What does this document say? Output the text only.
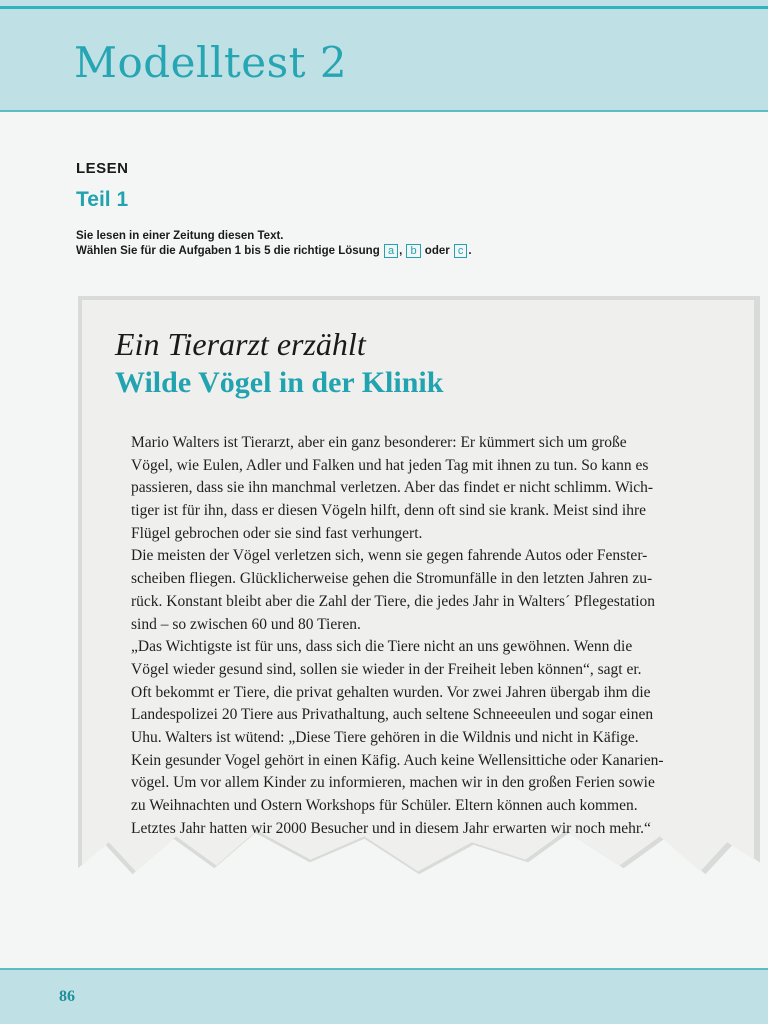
Modelltest 2
LESEN
Teil 1
Sie lesen in einer Zeitung diesen Text.
Wählen Sie für die Aufgaben 1 bis 5 die richtige Lösung a , b oder c .
Ein Tierarzt erzählt
Wilde Vögel in der Klinik
Mario Walters ist Tierarzt, aber ein ganz besonderer: Er kümmert sich um große
Vögel, wie Eulen, Adler und Falken und hat jeden Tag mit ihnen zu tun. So kann es
passieren, dass sie ihn manchmal verletzen. Aber das findet er nicht schlimm. Wich-
tiger ist für ihn, dass er diesen Vögeln hilft, denn oft sind sie krank. Meist sind ihre
Flügel gebrochen oder sie sind fast verhungert.
Die meisten der Vögel verletzen sich, wenn sie gegen fahrende Autos oder Fenster-
scheiben fliegen. Glücklicherweise gehen die Stromunfälle in den letzten Jahren zu-
rück. Konstant bleibt aber die Zahl der Tiere, die jedes Jahr in Walters´ Pflegestation
sind – so zwischen 60 und 80 Tieren.
„Das Wichtigste ist für uns, dass sich die Tiere nicht an uns gewöhnen. Wenn die
Vögel wieder gesund sind, sollen sie wieder in der Freiheit leben können“, sagt er.
Oft bekommt er Tiere, die privat gehalten wurden. Vor zwei Jahren übergab ihm die
Landespolizei 20 Tiere aus Privathaltung, auch seltene Schneeeulen und sogar einen
Uhu. Walters ist wütend: „Diese Tiere gehören in die Wildnis und nicht in Käfige.
Kein gesunder Vogel gehört in einen Käfig. Auch keine Wellensittiche oder Kanarien-
vögel. Um vor allem Kinder zu informieren, machen wir in den großen Ferien sowie
zu Weihnachten und Ostern Workshops für Schüler. Eltern können auch kommen.
Letztes Jahr hatten wir 2000 Besucher und in diesem Jahr erwarten wir noch mehr.“
86
